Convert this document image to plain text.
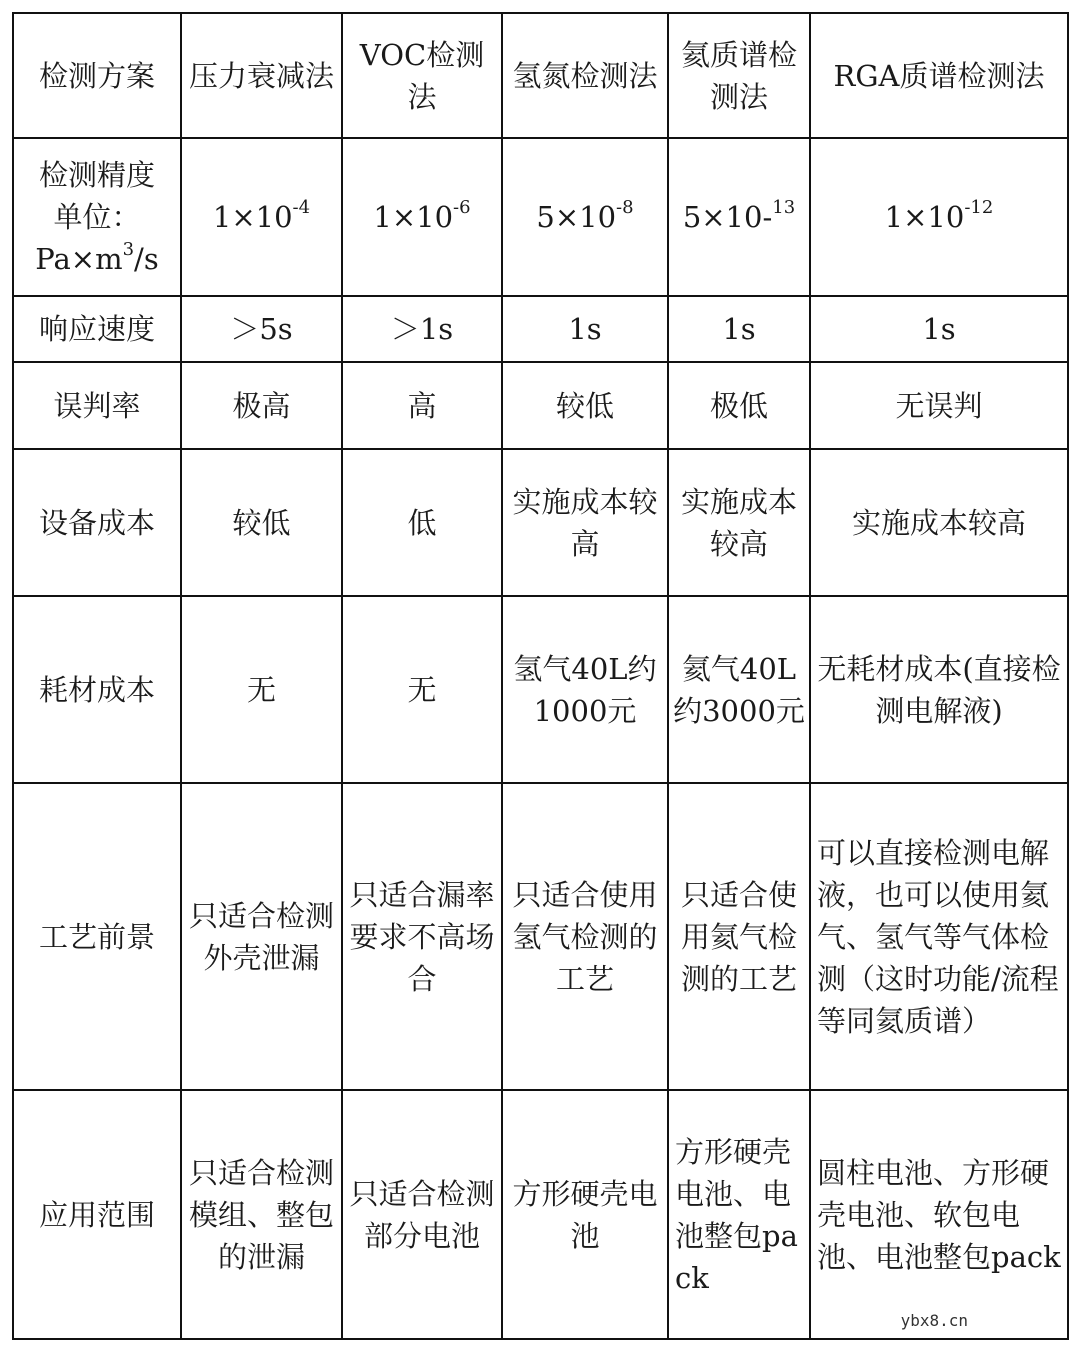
检测方案	压力衰减法	VOC检测法	氢氮检测法	氦质谱检测法	RGA质谱检测法

检测精度
单位：
$Pa\times m^3/s$	$1\times 10^{-4}$	$1\times 10^{-6}$	$5\times 10^{-8}$	5×10-$^{13}$	$1\times 10^{-12}$
响应速度	＞5s	＞1s	1s	1s	1s
误判率	极高	高	较低	极低	无误判
设备成本	较低	低	实施成本较高	实施成本较高	实施成本较高
耗材成本	无	无	氢气40L约1000元	氦气40L约3000元	无耗材成本(直接检测电解液)
工艺前景	只适合检测外壳泄漏	只适合漏率要求不高场合	只适合使用氢气检测的工艺	只适合使用氦气检测的工艺	可以直接检测电解液，也可以使用氦气、氢气等气体检测（这时功能/流程等同氦质谱）
应用范围	只适合检测模组、整包的泄漏	只适合检测部分电池	方形硬壳电池	方形硬壳电池、电池整包pack	圆柱电池、方形硬壳电池、软包电池、电池整包pack
ybx8.cn
